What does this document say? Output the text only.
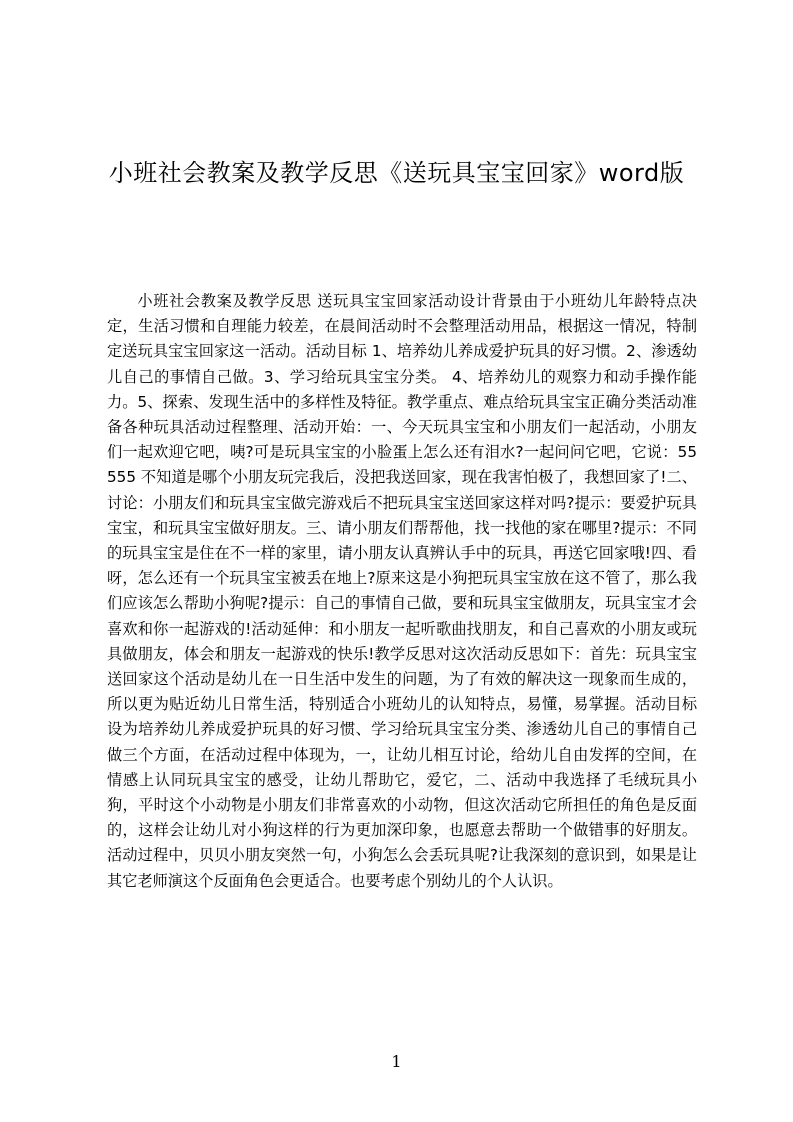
小班社会教案及教学反思《送玩具宝宝回家》word版

小班社会教案及教学反思 送玩具宝宝回家活动设计背景由于小班幼儿年龄特点决定，生活习惯和自理能力较差，在晨间活动时不会整理活动用品，根据这一情况，特制定送玩具宝宝回家这一活动。活动目标 1、培养幼儿养成爱护玩具的好习惯。2、渗透幼儿自己的事情自己做。3、学习给玩具宝宝分类。 4、培养幼儿的观察力和动手操作能力。5、探索、发现生活中的多样性及特征。教学重点、难点给玩具宝宝正确分类活动准备各种玩具活动过程整理、活动开始：一、今天玩具宝宝和小朋友们一起活动，小朋友们一起欢迎它吧，咦?可是玩具宝宝的小脸蛋上怎么还有泪水?一起问问它吧，它说：55555 不知道是哪个小朋友玩完我后，没把我送回家，现在我害怕极了，我想回家了!二、讨论：小朋友们和玩具宝宝做完游戏后不把玩具宝宝送回家这样对吗?提示：要爱护玩具宝宝，和玩具宝宝做好朋友。三、请小朋友们帮帮他，找一找他的家在哪里?提示：不同的玩具宝宝是住在不一样的家里，请小朋友认真辨认手中的玩具，再送它回家哦!四、看呀，怎么还有一个玩具宝宝被丢在地上?原来这是小狗把玩具宝宝放在这不管了，那么我们应该怎么帮助小狗呢?提示：自己的事情自己做，要和玩具宝宝做朋友，玩具宝宝才会喜欢和你一起游戏的!活动延伸：和小朋友一起听歌曲找朋友，和自己喜欢的小朋友或玩具做朋友，体会和朋友一起游戏的快乐!教学反思对这次活动反思如下：首先：玩具宝宝送回家这个活动是幼儿在一日生活中发生的问题，为了有效的解决这一现象而生成的，所以更为贴近幼儿日常生活，特别适合小班幼儿的认知特点，易懂，易掌握。活动目标设为培养幼儿养成爱护玩具的好习惯、学习给玩具宝宝分类、渗透幼儿自己的事情自己做三个方面，在活动过程中体现为，一，让幼儿相互讨论，给幼儿自由发挥的空间，在情感上认同玩具宝宝的感受，让幼儿帮助它，爱它，二、活动中我选择了毛绒玩具小狗，平时这个小动物是小朋友们非常喜欢的小动物，但这次活动它所担任的角色是反面的，这样会让幼儿对小狗这样的行为更加深印象，也愿意去帮助一个做错事的好朋友。活动过程中，贝贝小朋友突然一句，小狗怎么会丢玩具呢?让我深刻的意识到，如果是让其它老师演这个反面角色会更适合。也要考虑个别幼儿的个人认识。

1
